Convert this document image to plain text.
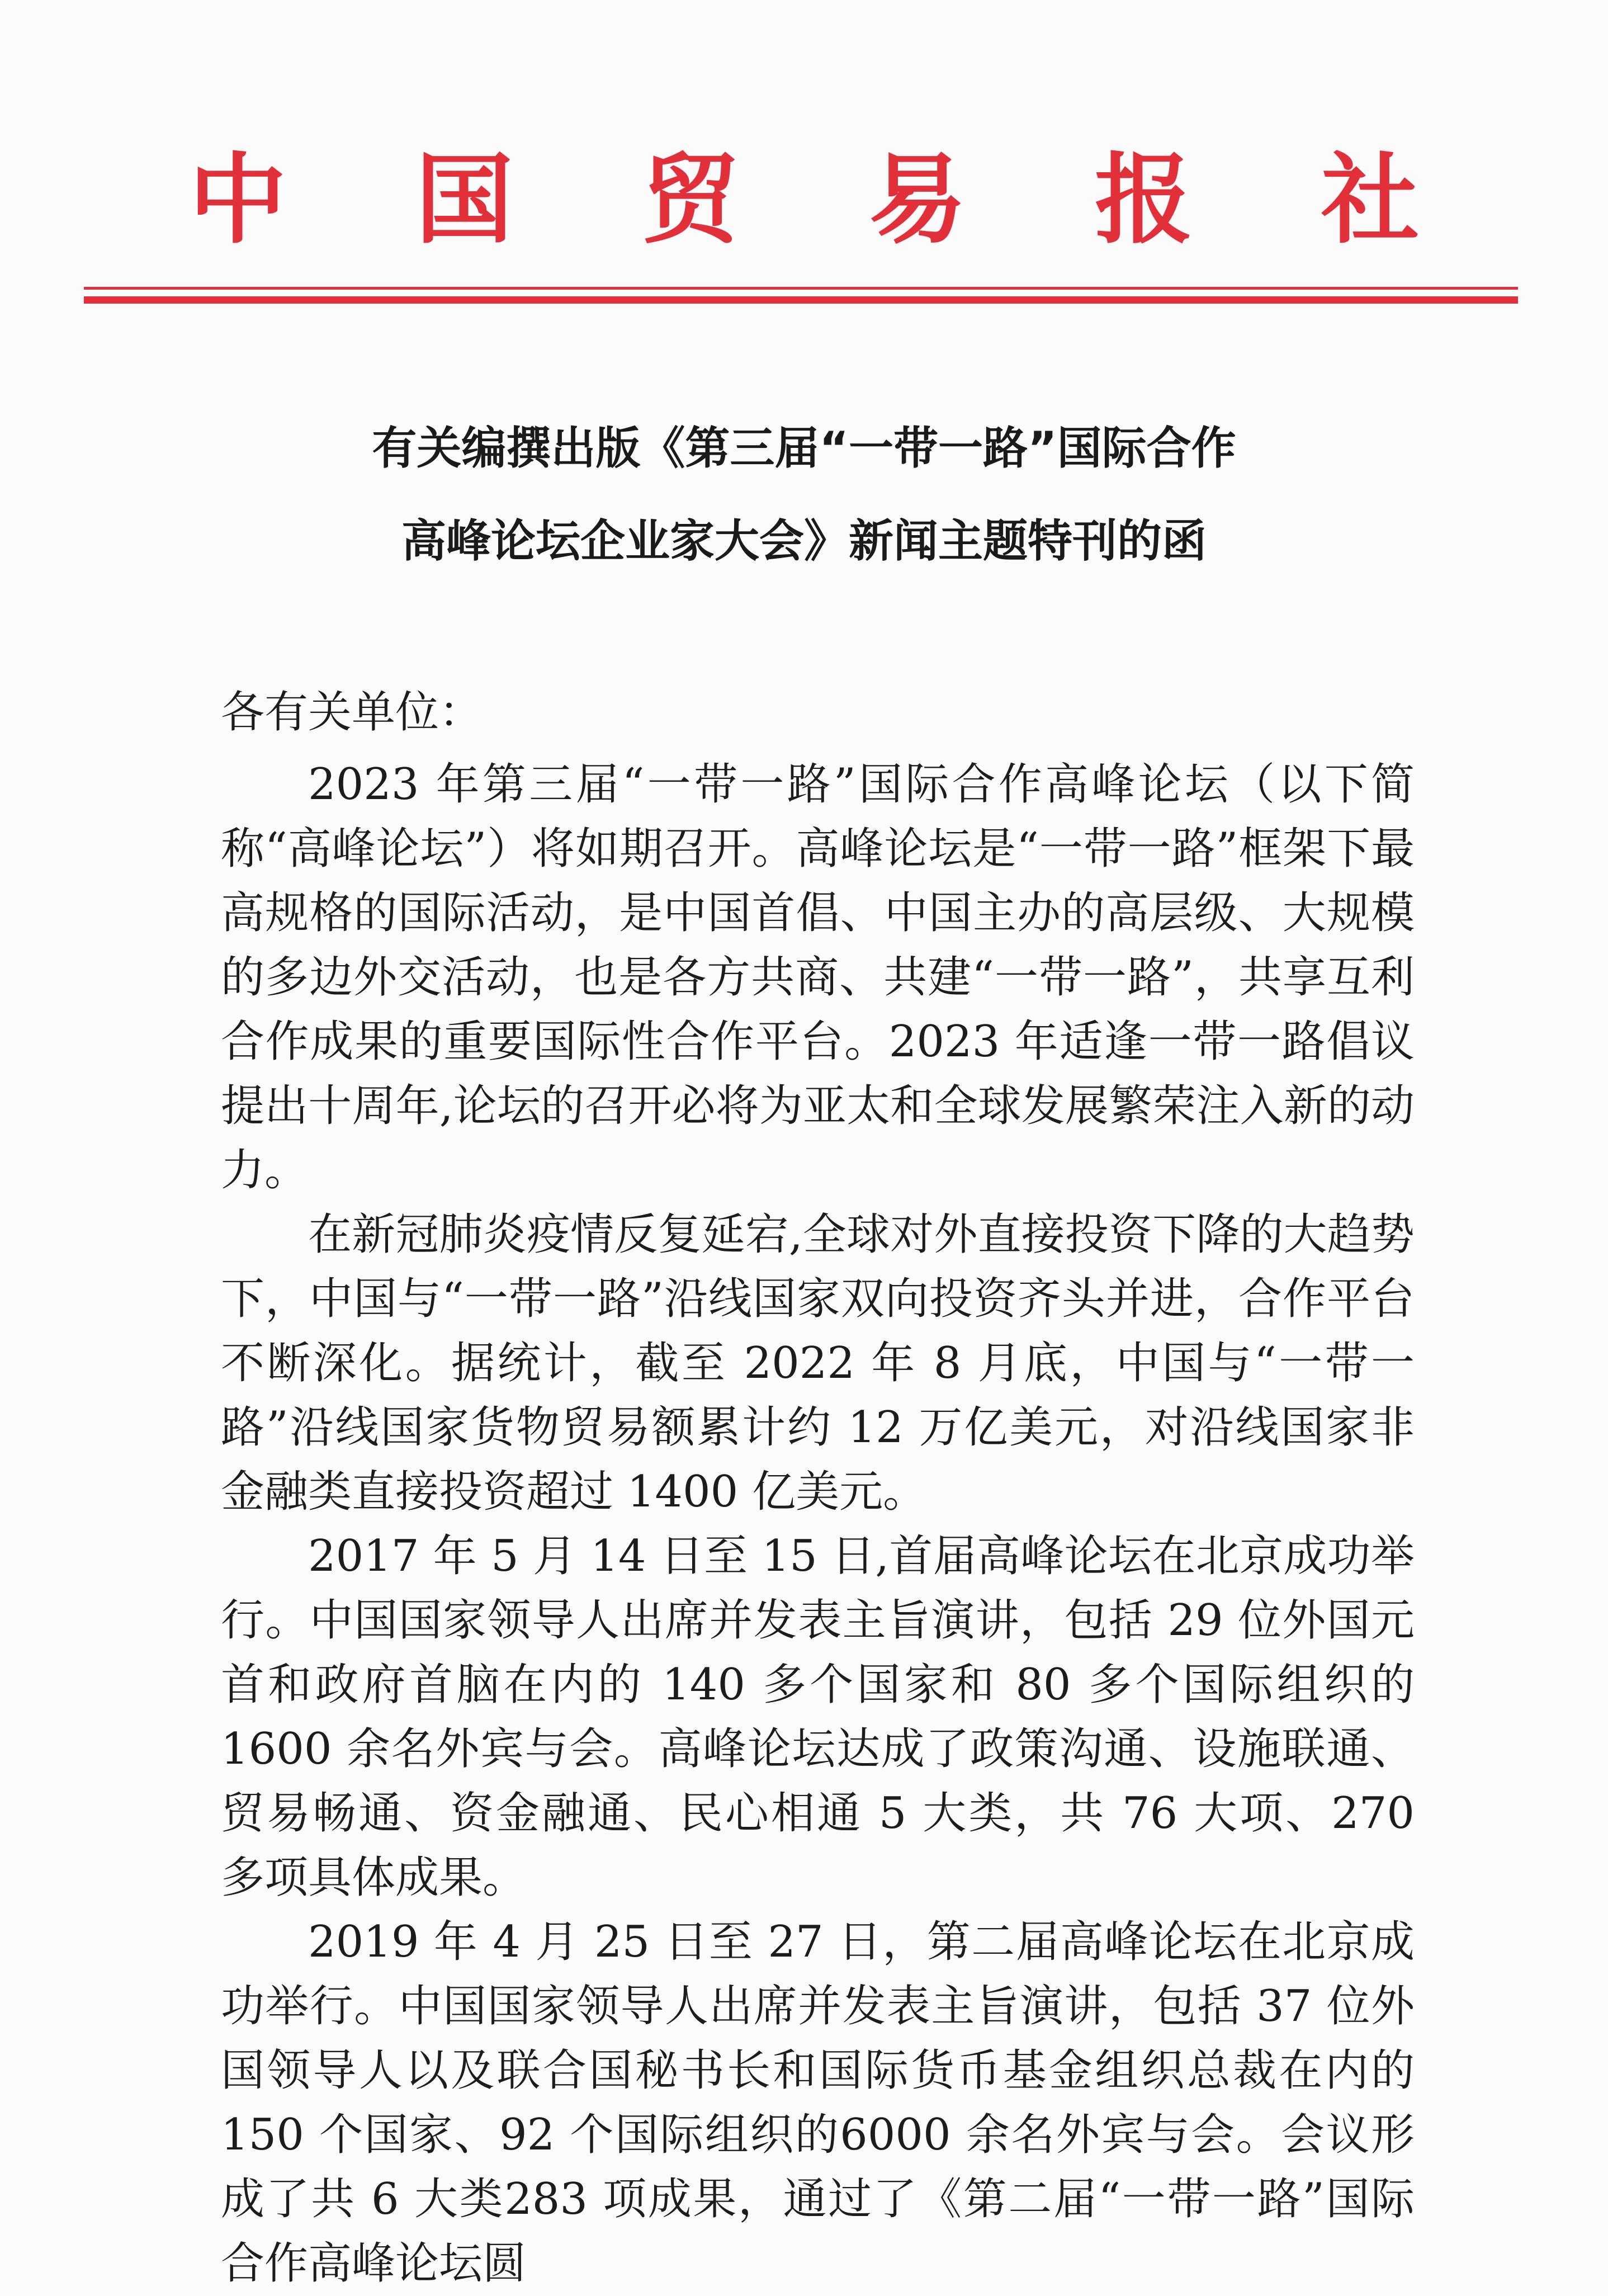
中国贸易报社
有关编撰出版《第三届“一带一路”国际合作
高峰论坛企业家大会》新闻主题特刊的函
各有关单位：

2023 年第三届“一带一路”国际合作高峰论坛（以下简称“高峰论坛”）将如期召开。高峰论坛是“一带一路”框架下最高规格的国际活动，是中国首倡、中国主办的高层级、大规模的多边外交活动，也是各方共商、共建“一带一路”，共享互利合作成果的重要国际性合作平台。2023 年适逢一带一路倡议提出十周年,论坛的召开必将为亚太和全球发展繁荣注入新的动力。

在新冠肺炎疫情反复延宕,全球对外直接投资下降的大趋势下，中国与“一带一路”沿线国家双向投资齐头并进，合作平台不断深化。据统计，截至 2022 年 8 月底，中国与“一带一路”沿线国家货物贸易额累计约 12 万亿美元，对沿线国家非金融类直接投资超过 1400 亿美元。

2017 年 5 月 14 日至 15 日,首届高峰论坛在北京成功举行。中国国家领导人出席并发表主旨演讲，包括 29 位外国元首和政府首脑在内的 140 多个国家和 80 多个国际组织的 1600 余名外宾与会。高峰论坛达成了政策沟通、设施联通、贸易畅通、资金融通、民心相通 5 大类，共 76 大项、270 多项具体成果。

2019 年 4 月 25 日至 27 日，第二届高峰论坛在北京成功举行。中国国家领导人出席并发表主旨演讲，包括 37 位外国领导人以及联合国秘书长和国际货币基金组织总裁在内的 150 个国家、92 个国际组织的6000 余名外宾与会。会议形成了共 6 大类283 项成果，通过了《第二届“一带一路”国际合作高峰论坛圆
